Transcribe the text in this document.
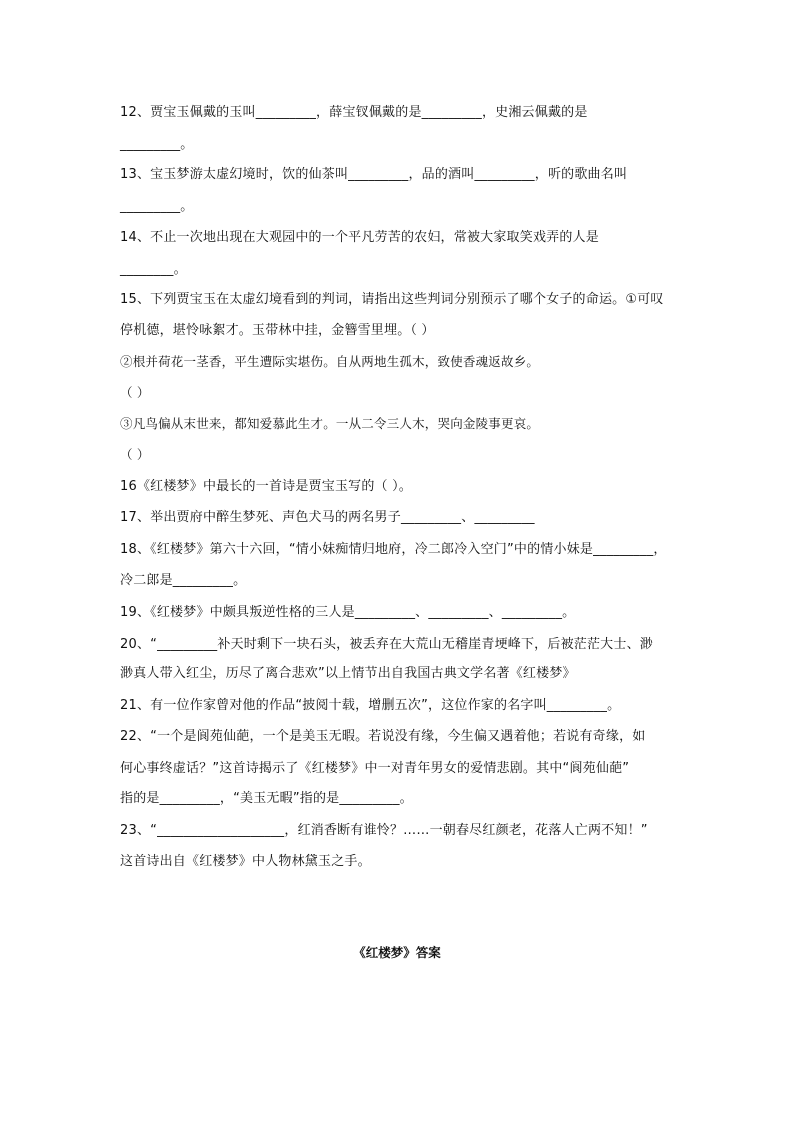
12、贾宝玉佩戴的玉叫_________，薛宝钗佩戴的是_________，史湘云佩戴的是
_________。
13、宝玉梦游太虚幻境时，饮的仙茶叫_________，品的酒叫_________，听的歌曲名叫
_________。
14、不止一次地出现在大观园中的一个平凡劳苦的农妇，常被大家取笑戏弄的人是
________。
15、下列贾宝玉在太虚幻境看到的判词，请指出这些判词分别预示了哪个女子的命运。①可叹
停机德，堪怜咏絮才。玉带林中挂，金簪雪里埋。（ ）
②根并荷花一茎香，平生遭际实堪伤。自从两地生孤木，致使香魂返故乡。
（ ）
③凡鸟偏从末世来，都知爱慕此生才。一从二令三人木，哭向金陵事更哀。
（ ）
16《红楼梦》中最长的一首诗是贾宝玉写的（ ）。
17、举出贾府中醉生梦死、声色犬马的两名男子_________、_________
18、《红楼梦》第六十六回，“情小妹痴情归地府，冷二郎冷入空门”中的情小妹是_________，
冷二郎是_________。
19、《红楼梦》中颇具叛逆性格的三人是_________、_________、_________。
20、“_________补天时剩下一块石头，被丢弃在大荒山无稽崖青埂峰下，后被茫茫大士、渺
渺真人带入红尘，历尽了离合悲欢”以上情节出自我国古典文学名著《红楼梦》
21、有一位作家曾对他的作品“披阅十载，增删五次”，这位作家的名字叫_________。
22、“一个是阆苑仙葩，一个是美玉无暇。若说没有缘，今生偏又遇着他；若说有奇缘，如
何心事终虚话？”这首诗揭示了《红楼梦》中一对青年男女的爱情悲剧。其中“阆苑仙葩”
指的是_________，“美玉无暇”指的是_________。
23、“___________________，红消香断有谁怜？……一朝春尽红颜老，花落人亡两不知！”
这首诗出自《红楼梦》中人物林黛玉之手。
《红楼梦》答案
